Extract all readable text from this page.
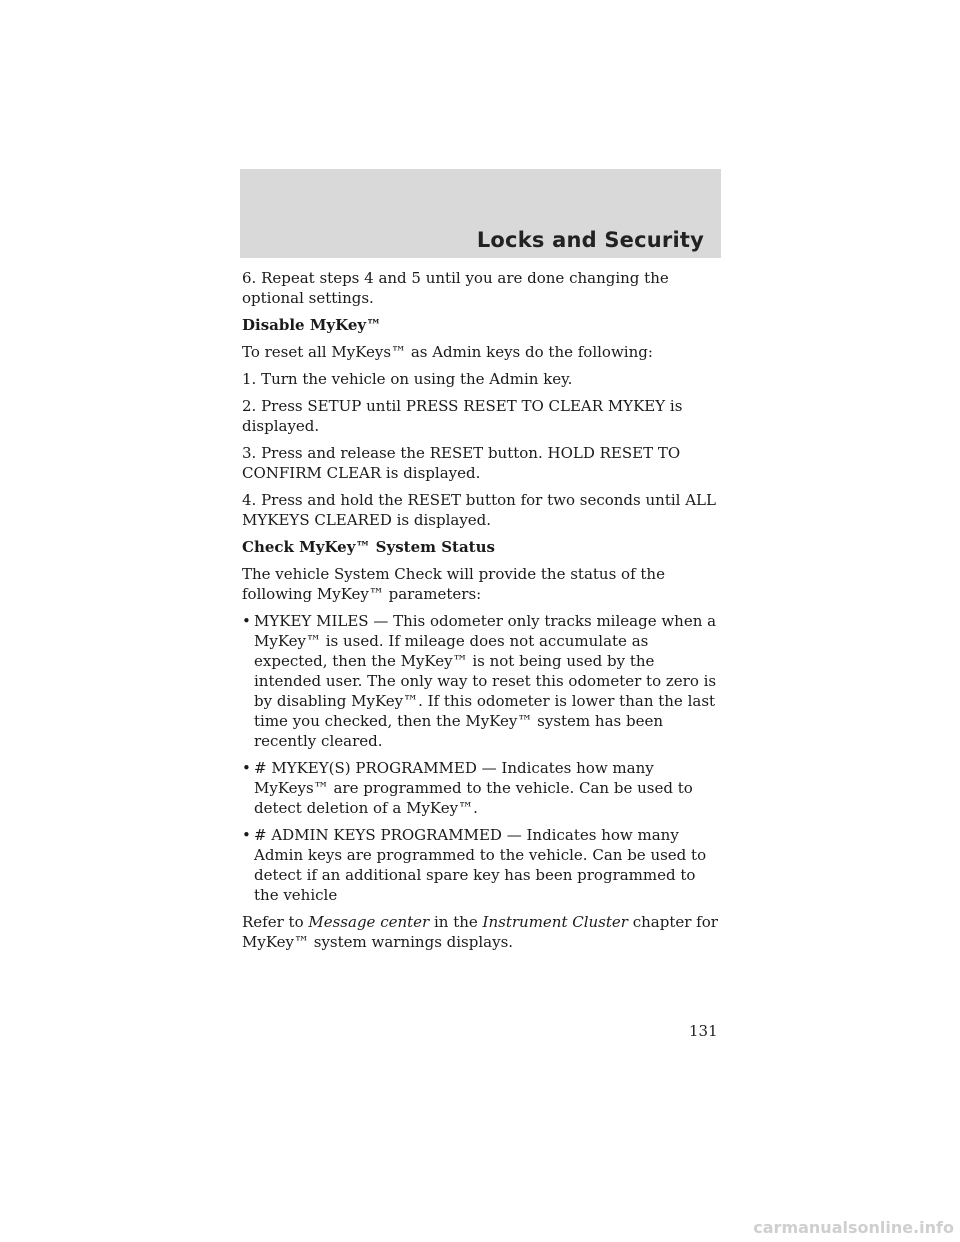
Locks and Security

6. Repeat steps 4 and 5 until you are done changing the optional settings.

Disable MyKey™

To reset all MyKeys™ as Admin keys do the following:

1. Turn the vehicle on using the Admin key.

2. Press SETUP until PRESS RESET TO CLEAR MYKEY is displayed.

3. Press and release the RESET button. HOLD RESET TO CONFIRM CLEAR is displayed.

4. Press and hold the RESET button for two seconds until ALL MYKEYS CLEARED is displayed.

Check MyKey™ System Status

The vehicle System Check will provide the status of the following MyKey™ parameters:

• MYKEY MILES — This odometer only tracks mileage when a MyKey™ is used. If mileage does not accumulate as expected, then the MyKey™ is not being used by the intended user. The only way to reset this odometer to zero is by disabling MyKey™. If this odometer is lower than the last time you checked, then the MyKey™ system has been recently cleared.
• # MYKEY(S) PROGRAMMED — Indicates how many MyKeys™ are programmed to the vehicle. Can be used to detect deletion of a MyKey™.
• # ADMIN KEYS PROGRAMMED — Indicates how many Admin keys are programmed to the vehicle. Can be used to detect if an additional spare key has been programmed to the vehicle

Refer to Message center in the Instrument Cluster chapter for MyKey™ system warnings displays.

131
carmanualsonline.info
